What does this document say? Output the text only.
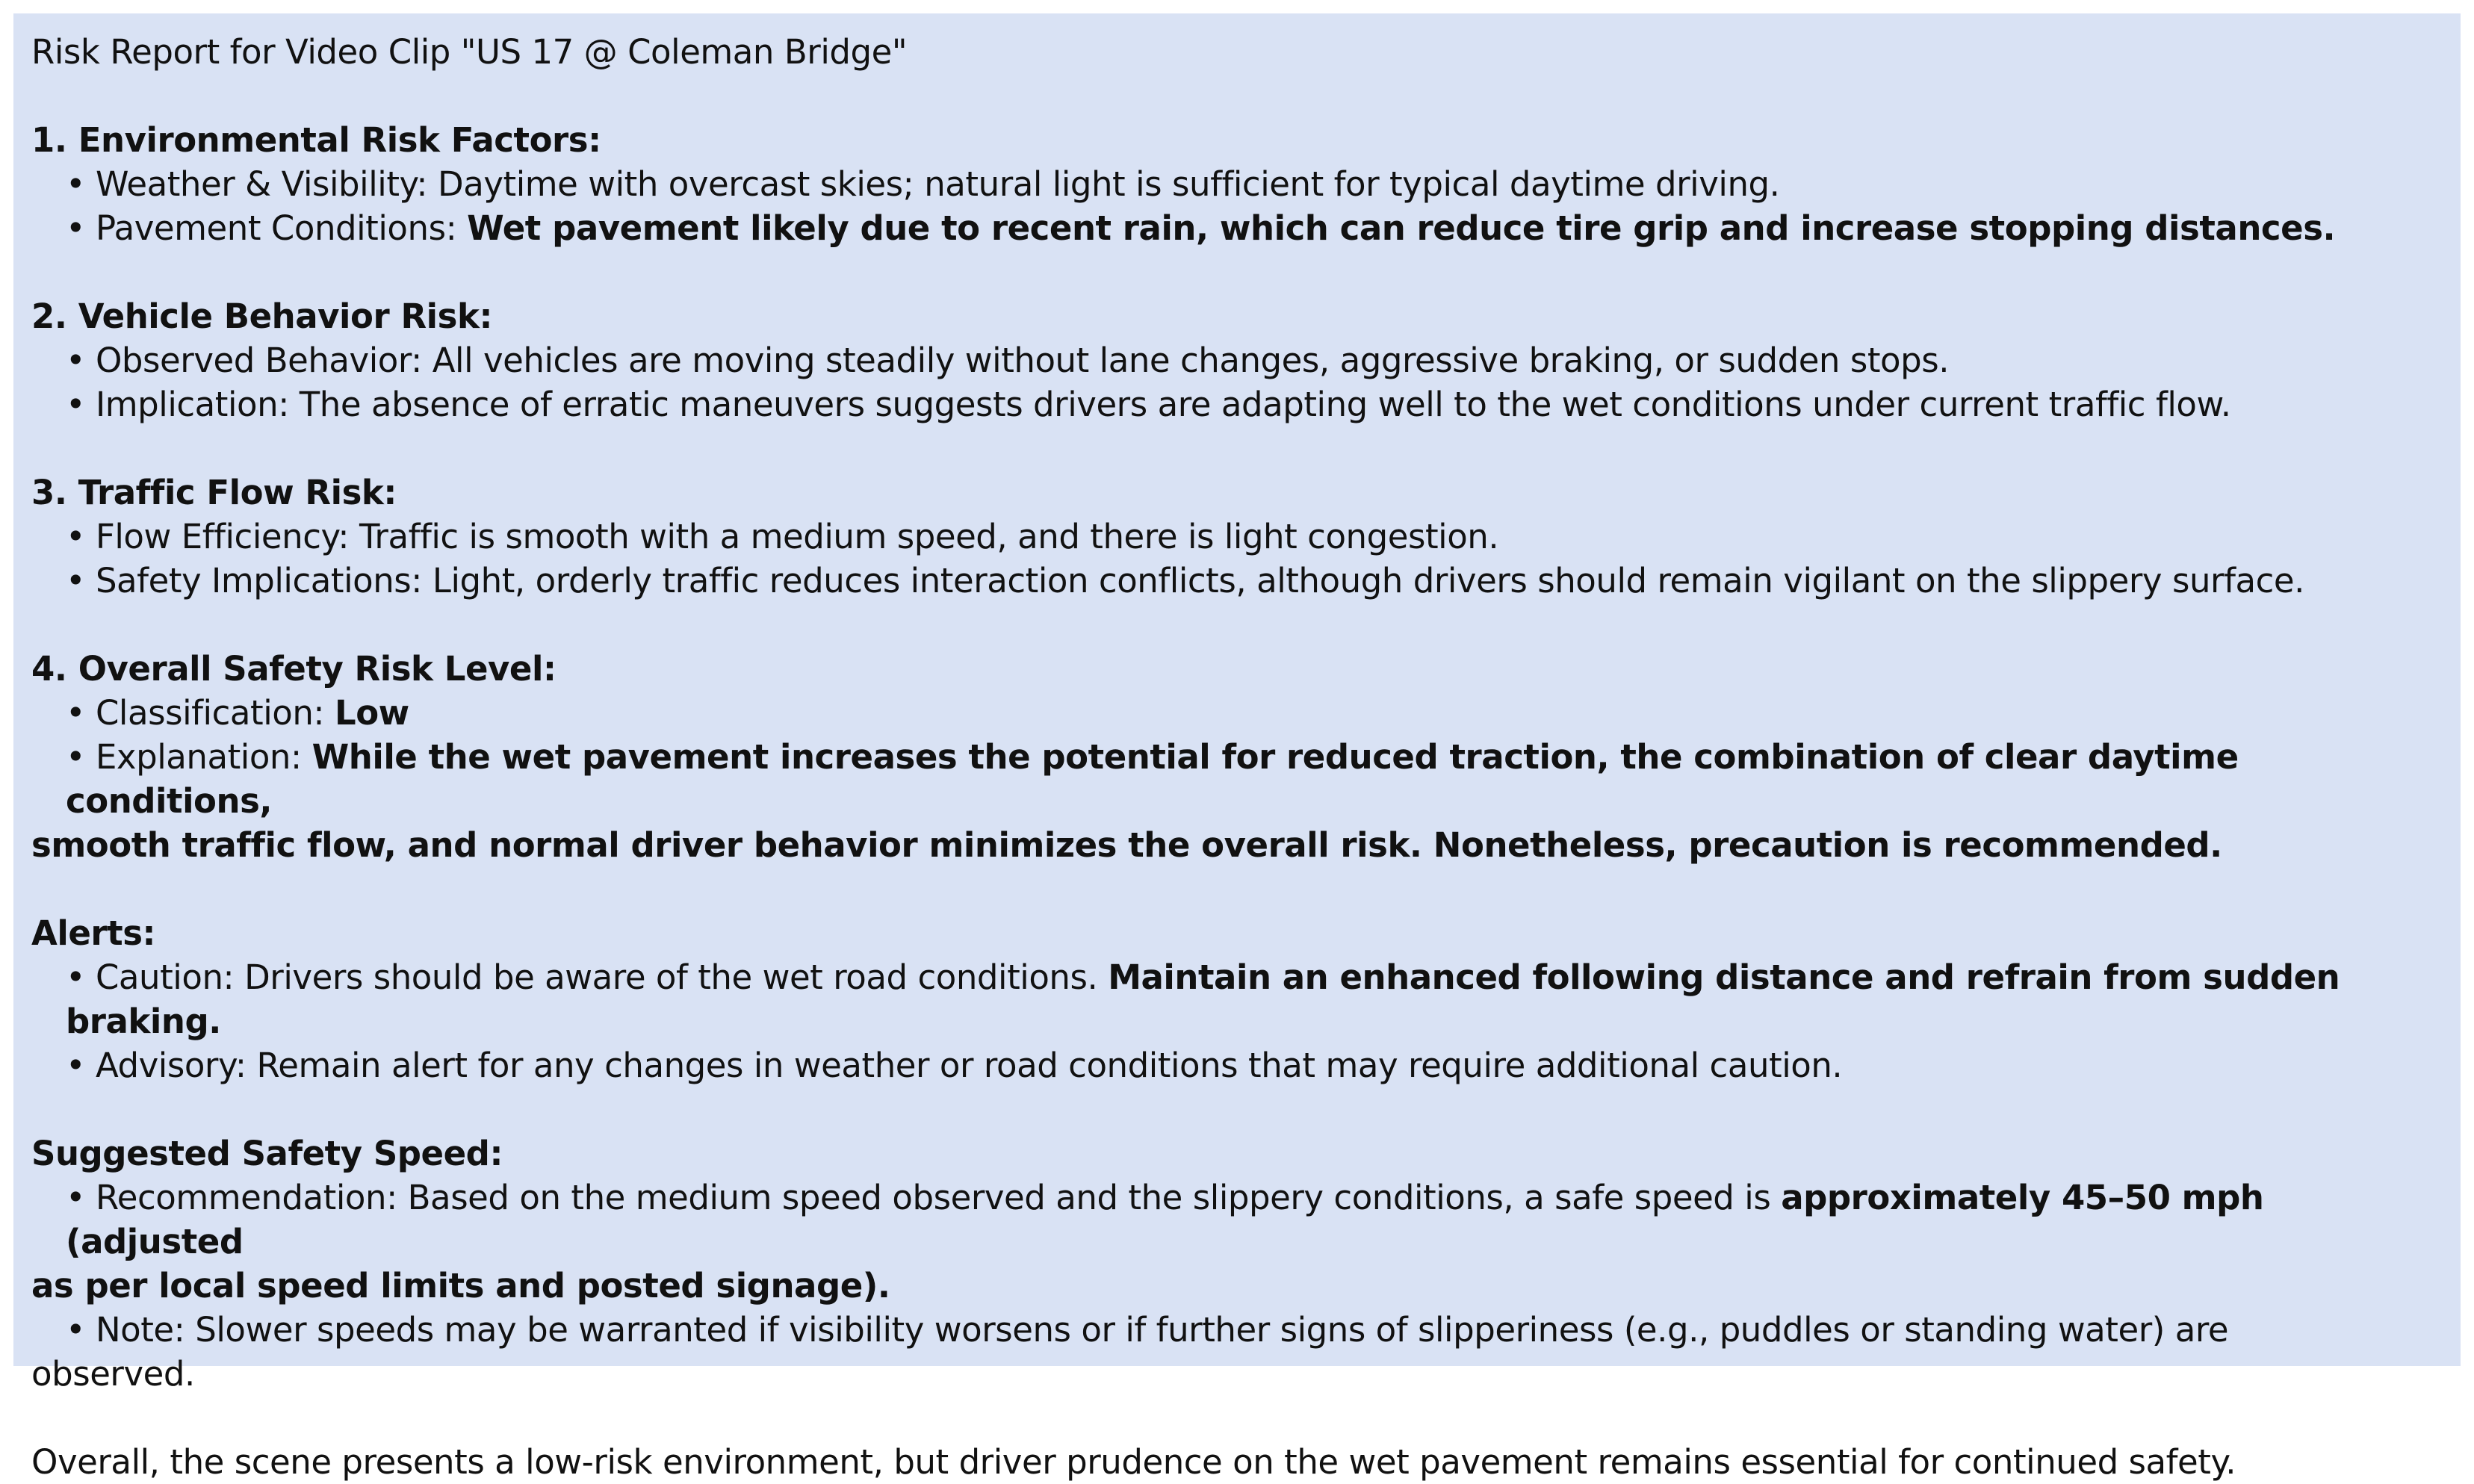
Risk Report for Video Clip "US 17 @ Coleman Bridge"
1. Environmental Risk Factors:
• Weather & Visibility: Daytime with overcast skies; natural light is sufficient for typical daytime driving.
• Pavement Conditions: Wet pavement likely due to recent rain, which can reduce tire grip and increase stopping distances.
2. Vehicle Behavior Risk:
• Observed Behavior: All vehicles are moving steadily without lane changes, aggressive braking, or sudden stops.
• Implication: The absence of erratic maneuvers suggests drivers are adapting well to the wet conditions under current traffic flow.
3. Traffic Flow Risk:
• Flow Efficiency: Traffic is smooth with a medium speed, and there is light congestion.
• Safety Implications: Light, orderly traffic reduces interaction conflicts, although drivers should remain vigilant on the slippery surface.
4. Overall Safety Risk Level:
• Classification: Low
• Explanation: While the wet pavement increases the potential for reduced traction, the combination of clear daytime conditions,
smooth traffic flow, and normal driver behavior minimizes the overall risk. Nonetheless, precaution is recommended.
Alerts:
• Caution: Drivers should be aware of the wet road conditions. Maintain an enhanced following distance and refrain from sudden braking.
• Advisory: Remain alert for any changes in weather or road conditions that may require additional caution.
Suggested Safety Speed:
• Recommendation: Based on the medium speed observed and the slippery conditions, a safe speed is approximately 45–50 mph (adjusted
as per local speed limits and posted signage).
• Note: Slower speeds may be warranted if visibility worsens or if further signs of slipperiness (e.g., puddles or standing water) are
observed.
Overall, the scene presents a low-risk environment, but driver prudence on the wet pavement remains essential for continued safety.
